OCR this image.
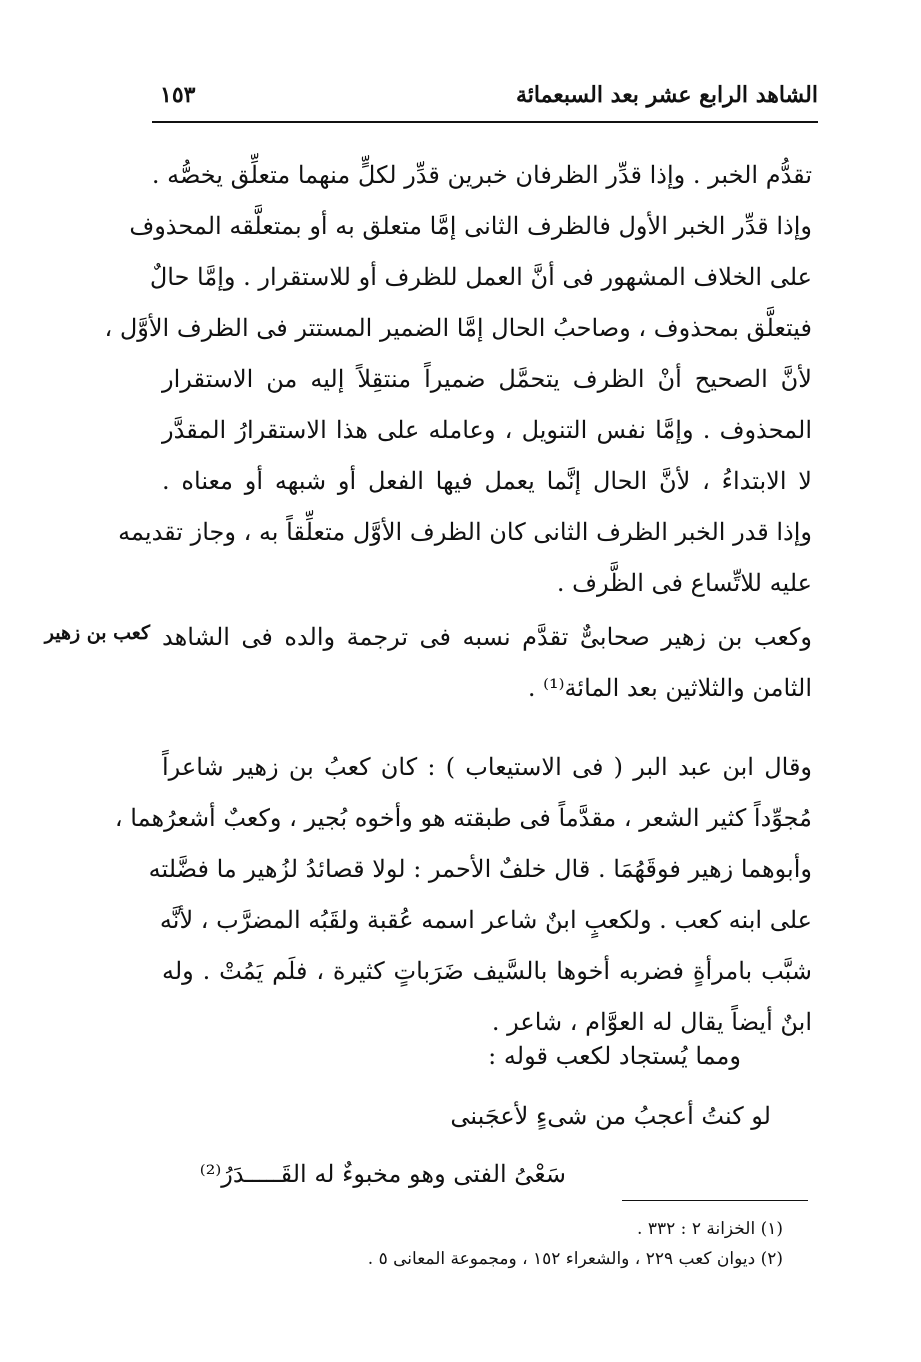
الشاهد الرابع عشر بعد السبعمائة
١٥٣
تقدُّم الخبر . وإذا قدِّر الظرفان خبرين قدِّر لكلٍّ منهما متعلِّق يخصُّه .
وإذا قدِّر الخبر الأول فالظرف الثانى إمَّا متعلق به أو بمتعلَّقه المحذوف
على الخلاف المشهور فى أنَّ العمل للظرف أو للاستقرار . وإمَّا حالٌ
فيتعلَّق بمحذوف ، وصاحبُ الحال إمَّا الضمير المستتر فى الظرف الأوَّل ،
لأنَّ الصحيح أنْ الظرف يتحمَّل ضميراً منتقِلاً إليه من الاستقرار
المحذوف . وإمَّا نفس التنويل ، وعامله على هذا الاستقرارُ المقدَّر
لا الابتداءُ ، لأنَّ الحال إنَّما يعمل فيها الفعل أو شبهه أو معناه .
وإذا قدر الخبر الظرف الثانى كان الظرف الأوَّل متعلِّقاً به ، وجاز تقديمه
عليه للاتِّساع فى الظَّرف .
كعب بن زهير وكعب بن زهير صحابىٌّ تقدَّم نسبه فى ترجمة والده فى الشاهد
الثامن والثلاثين بعد المائة⁽¹⁾ .
وقال ابن عبد البر ( فى الاستيعاب ) : كان كعبُ بن زهير شاعراً
مُجوِّداً كثير الشعر ، مقدَّماً فى طبقته هو وأخوه بُجير ، وكعبٌ أشعرُهما ،
وأبوهما زهير فوقَهُمَا . قال خلفٌ الأحمر : لولا قصائدُ لزُهير ما فضَّلته
على ابنه كعب . ولكعبٍ ابنٌ شاعر اسمه عُقبة ولقَبُه المضرَّب ، لأنَّه
شبَّب بامرأةٍ فضربه أخوها بالسَّيف ضَرَباتٍ كثيرة ، فلَم يَمُتْ . وله
ابنٌ أيضاً يقال له العوَّام ، شاعر .
ومما يُستجاد لكعب قوله :
لو كنتُ أعجبُ من شىءٍ لأعجَبنى
سَعْىُ الفتى وهو مخبوءٌ له القَـــــدَرُ⁽²⁾
(١) الخزانة ٢ : ٣٣٢ .
(٢) ديوان كعب ٢٢٩ ، والشعراء ١٥٢ ، ومجموعة المعانى ٥ .
